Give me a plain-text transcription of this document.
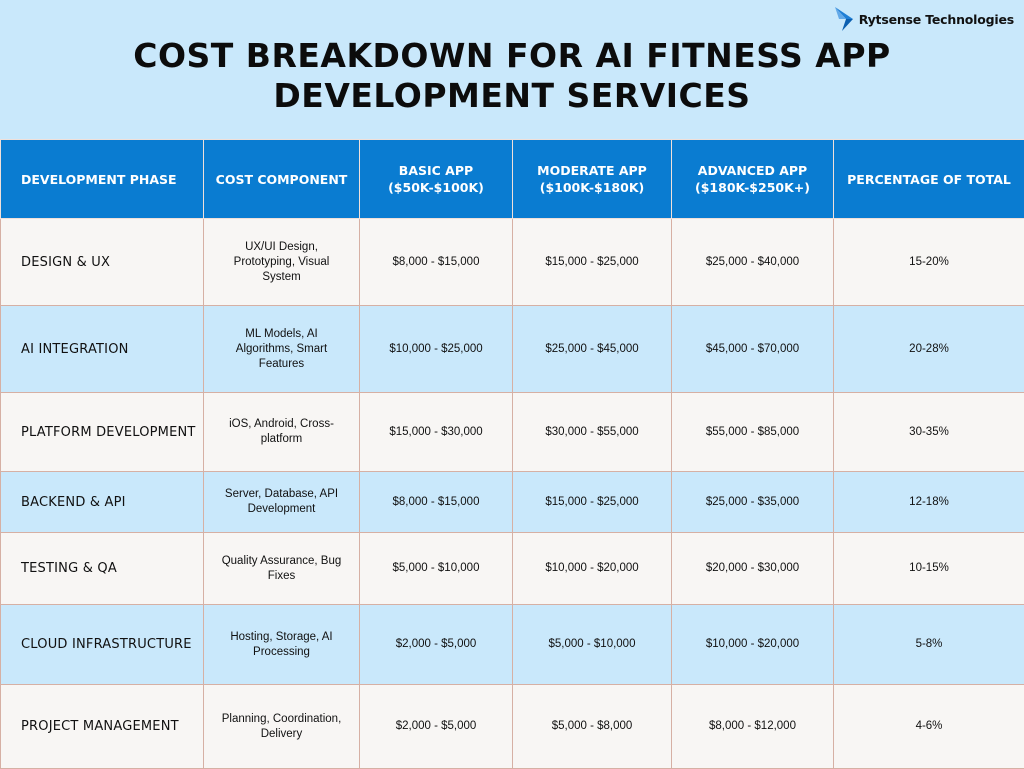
Rytsense Technologies
COST BREAKDOWN FOR AI FITNESS APP
DEVELOPMENT SERVICES
DEVELOPMENT PHASE	COST COMPONENT	BASIC APP ($50K-$100K)	MODERATE APP ($100K-$180K)	ADVANCED APP ($180K-$250K+)	PERCENTAGE OF TOTAL
DESIGN & UX	UX/UI Design, Prototyping, Visual System	$8,000 - $15,000	$15,000 - $25,000	$25,000 - $40,000	15-20%
AI INTEGRATION	ML Models, AI Algorithms, Smart Features	$10,000 - $25,000	$25,000 - $45,000	$45,000 - $70,000	20-28%
PLATFORM DEVELOPMENT	iOS, Android, Cross-platform	$15,000 - $30,000	$30,000 - $55,000	$55,000 - $85,000	30-35%
BACKEND & API	Server, Database, API Development	$8,000 - $15,000	$15,000 - $25,000	$25,000 - $35,000	12-18%
TESTING & QA	Quality Assurance, Bug Fixes	$5,000 - $10,000	$10,000 - $20,000	$20,000 - $30,000	10-15%
CLOUD INFRASTRUCTURE	Hosting, Storage, AI Processing	$2,000 - $5,000	$5,000 - $10,000	$10,000 - $20,000	5-8%
PROJECT MANAGEMENT	Planning, Coordination, Delivery	$2,000 - $5,000	$5,000 - $8,000	$8,000 - $12,000	4-6%
